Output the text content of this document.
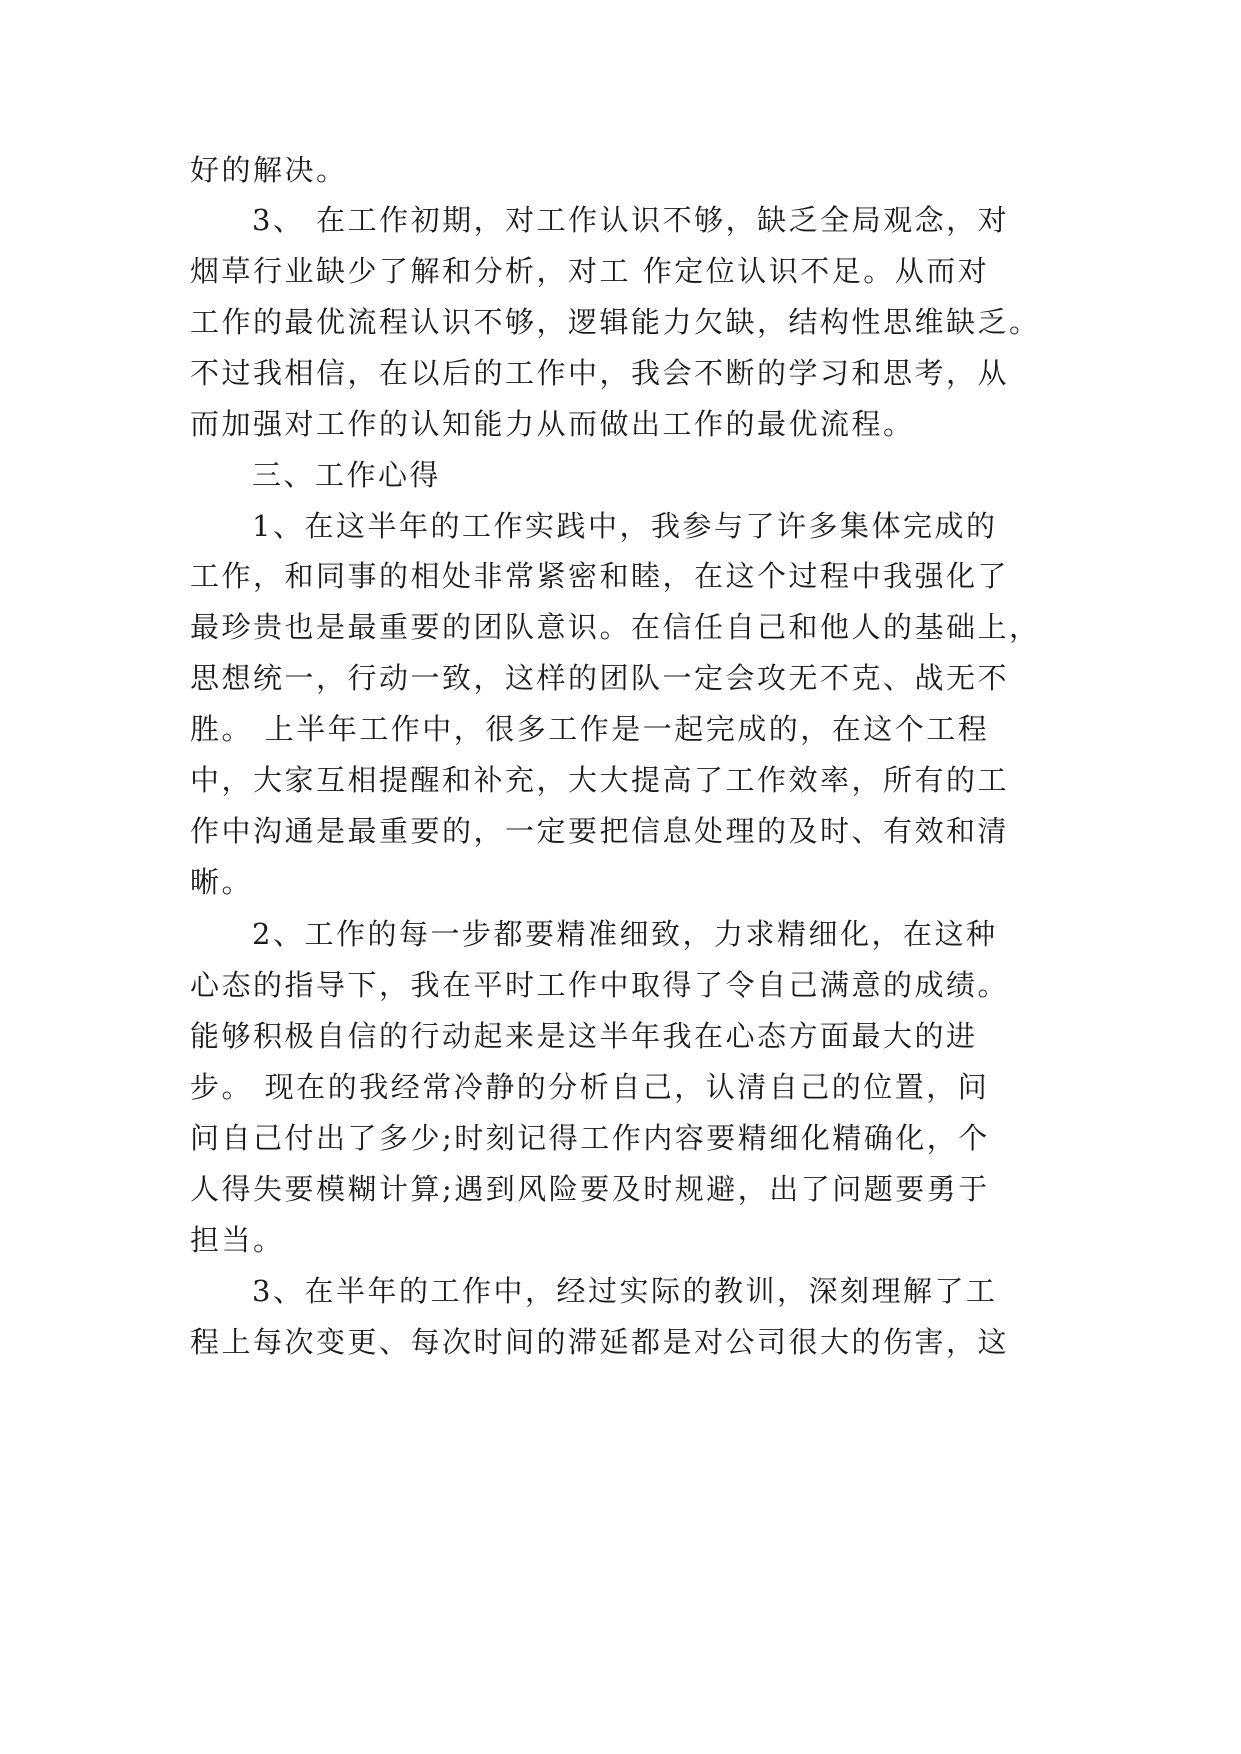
好的解决。
3、 在工作初期，对工作认识不够，缺乏全局观念，对
烟草行业缺少了解和分析，对工 作定位认识不足。从而对
工作的最优流程认识不够，逻辑能力欠缺，结构性思维缺乏。
不过我相信，在以后的工作中，我会不断的学习和思考，从
而加强对工作的认知能力从而做出工作的最优流程。
三、工作心得
1、在这半年的工作实践中，我参与了许多集体完成的
工作，和同事的相处非常紧密和睦，在这个过程中我强化了
最珍贵也是最重要的团队意识。在信任自己和他人的基础上，
思想统一，行动一致，这样的团队一定会攻无不克、战无不
胜。 上半年工作中，很多工作是一起完成的，在这个工程
中，大家互相提醒和补充，大大提高了工作效率，所有的工
作中沟通是最重要的，一定要把信息处理的及时、有效和清
晰。
2、工作的每一步都要精准细致，力求精细化，在这种
心态的指导下，我在平时工作中取得了令自己满意的成绩。
能够积极自信的行动起来是这半年我在心态方面最大的进
步。 现在的我经常冷静的分析自己，认清自己的位置，问
问自己付出了多少;时刻记得工作内容要精细化精确化，个
人得失要模糊计算;遇到风险要及时规避，出了问题要勇于
担当。
3、在半年的工作中，经过实际的教训，深刻理解了工
程上每次变更、每次时间的滞延都是对公司很大的伤害，这
